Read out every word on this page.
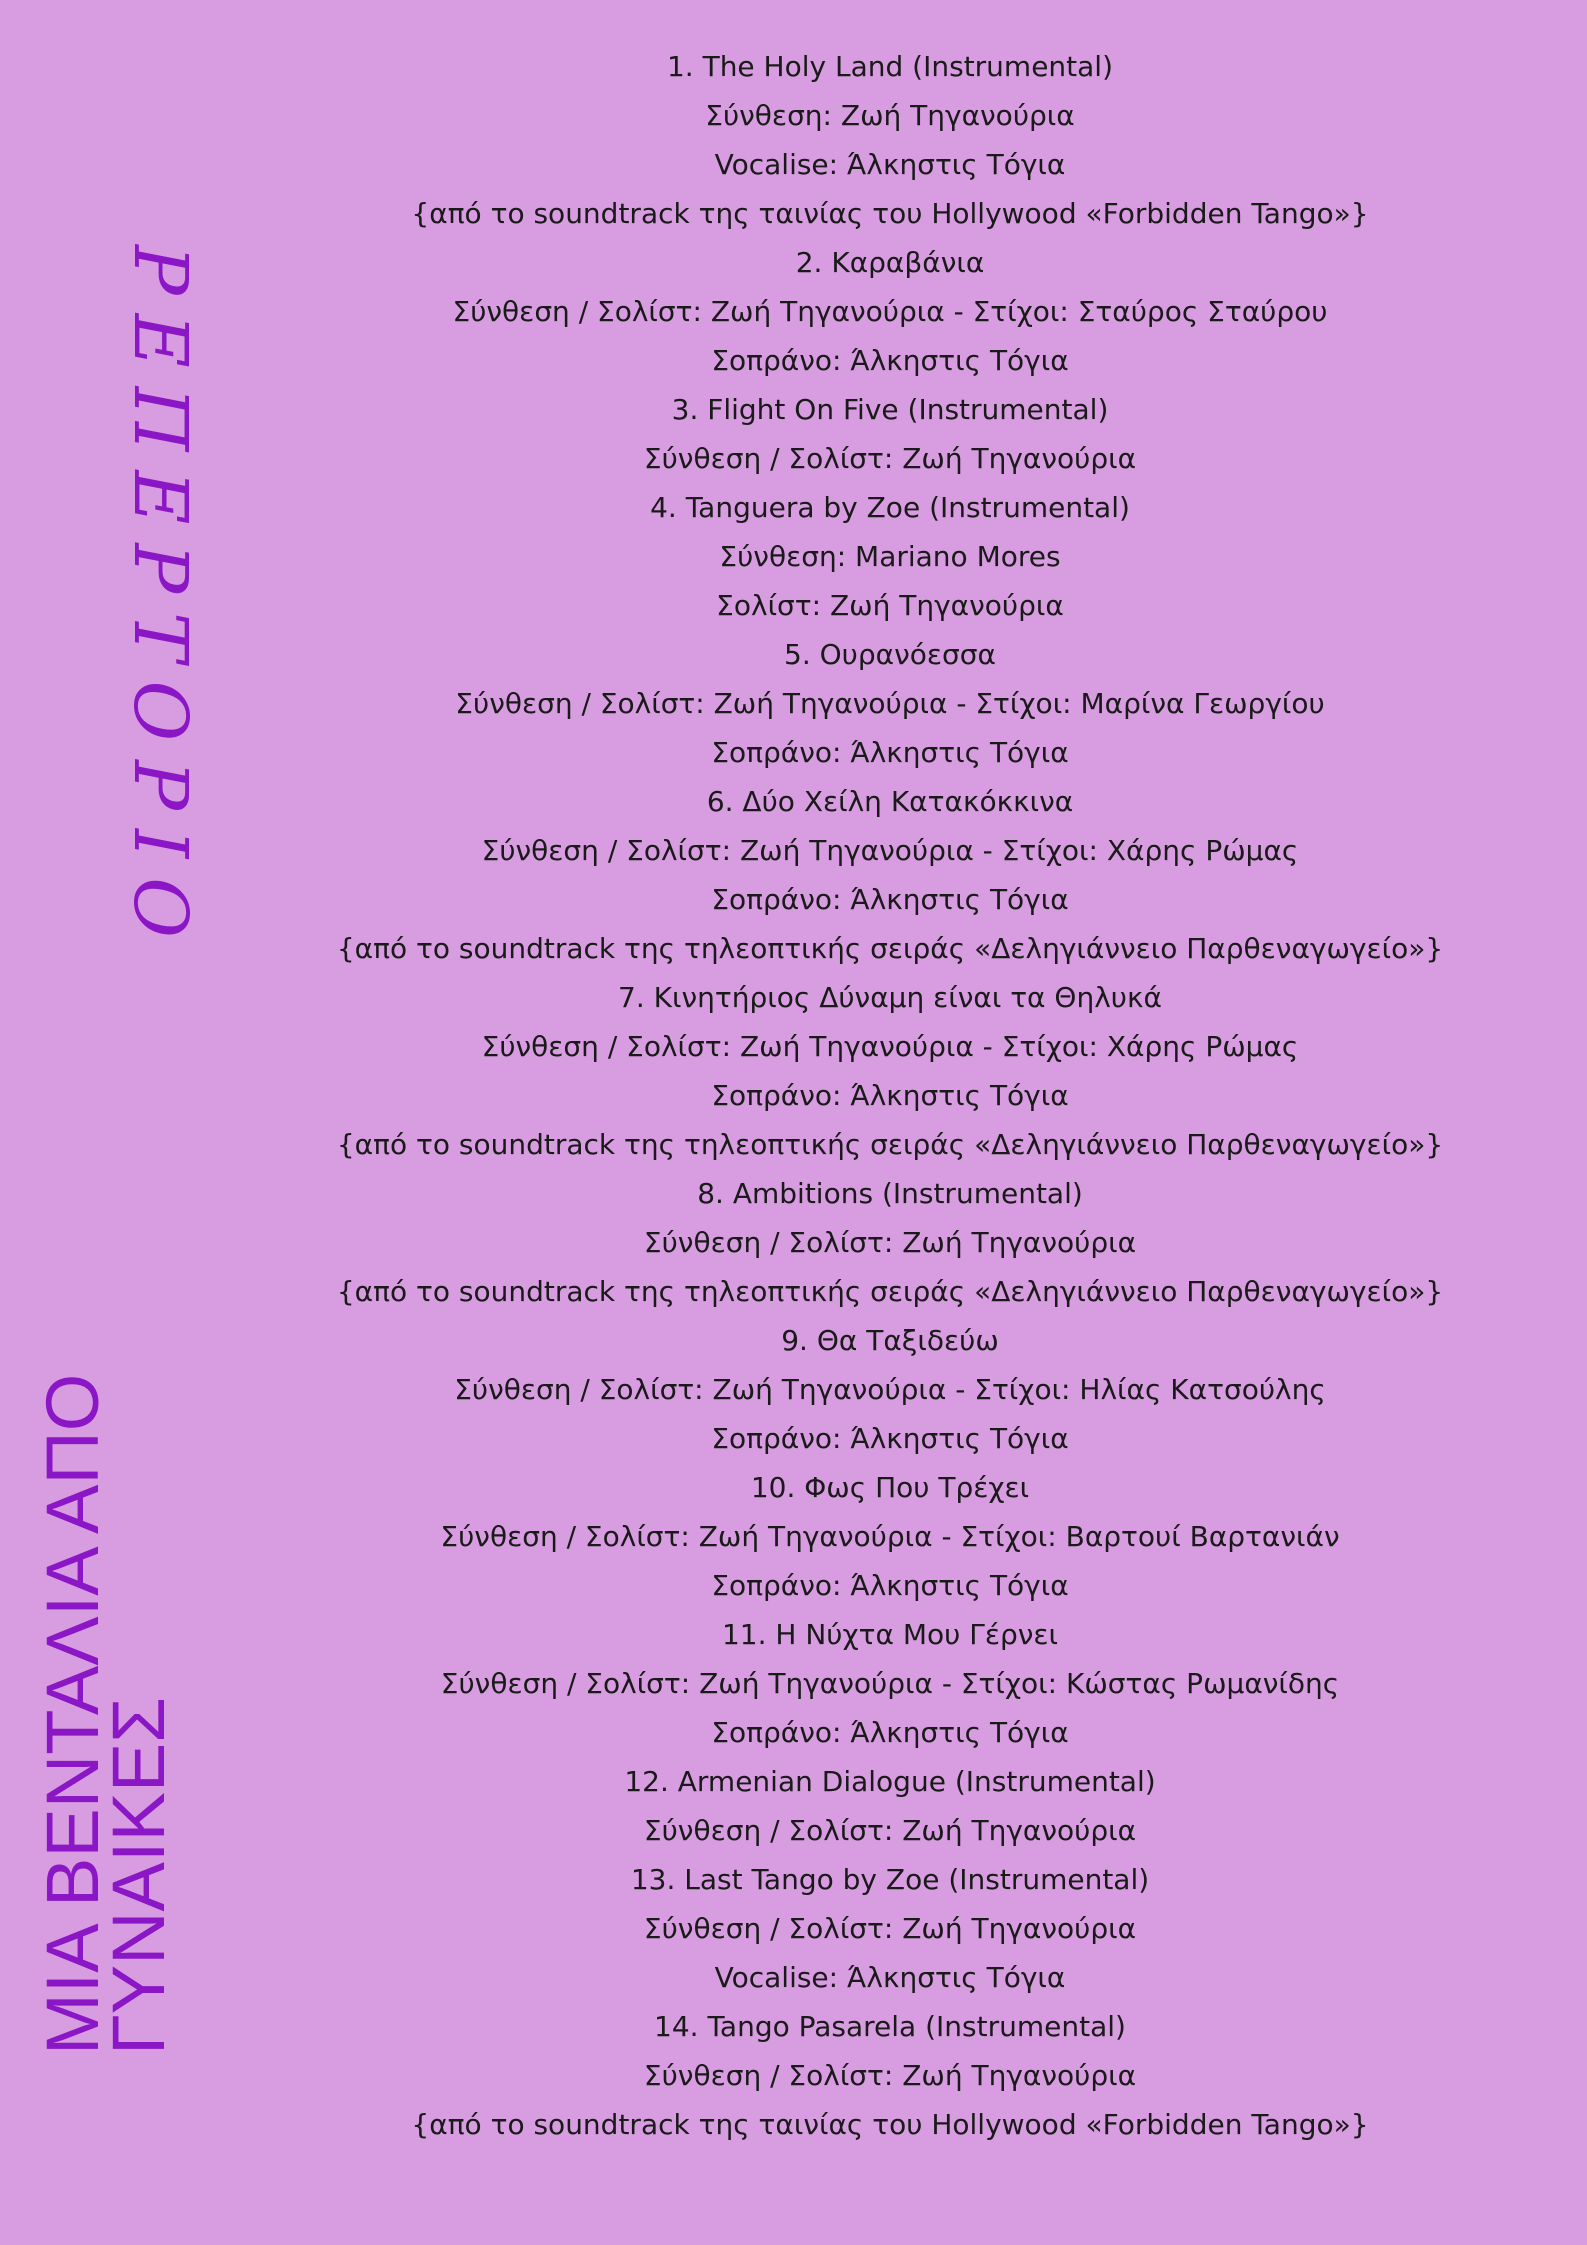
ΡΕΠΕΡΤΟΡΙΟ
ΜΙΑ ΒΕΝΤΑΛΙΑ ΑΠΟ
ΓΥΝΑΙΚΕΣ
1. The Holy Land (Instrumental)
Σύνθεση: Ζωή Τηγανούρια
Vocalise: Άλκηστις Τόγια
{από το soundtrack της ταινίας του Hollywood «Forbidden Tango»}
2. Καραβάνια
Σύνθεση / Σολίστ: Ζωή Τηγανούρια - Στίχοι: Σταύρος Σταύρου
Σοπράνο: Άλκηστις Τόγια
3. Flight On Five (Instrumental)
Σύνθεση / Σολίστ: Ζωή Τηγανούρια
4. Tanguera by Zoe (Instrumental)
Σύνθεση: Mariano Mores
Σολίστ: Ζωή Τηγανούρια
5. Ουρανόεσσα
Σύνθεση / Σολίστ: Ζωή Τηγανούρια - Στίχοι: Μαρίνα Γεωργίου
Σοπράνο: Άλκηστις Τόγια
6. Δύο Χείλη Κατακόκκινα
Σύνθεση / Σολίστ: Ζωή Τηγανούρια - Στίχοι: Χάρης Ρώμας
Σοπράνο: Άλκηστις Τόγια
{από το soundtrack της τηλεοπτικής σειράς «Δεληγιάννειο Παρθεναγωγείο»}
7. Κινητήριος Δύναμη είναι τα Θηλυκά
Σύνθεση / Σολίστ: Ζωή Τηγανούρια - Στίχοι: Χάρης Ρώμας
Σοπράνο: Άλκηστις Τόγια
{από το soundtrack της τηλεοπτικής σειράς «Δεληγιάννειο Παρθεναγωγείο»}
8. Ambitions (Instrumental)
Σύνθεση / Σολίστ: Ζωή Τηγανούρια
{από το soundtrack της τηλεοπτικής σειράς «Δεληγιάννειο Παρθεναγωγείο»}
9. Θα Ταξιδεύω
Σύνθεση / Σολίστ: Ζωή Τηγανούρια - Στίχοι: Ηλίας Κατσούλης
Σοπράνο: Άλκηστις Τόγια
10. Φως Που Τρέχει
Σύνθεση / Σολίστ: Ζωή Τηγανούρια - Στίχοι: Βαρτουί Βαρτανιάν
Σοπράνο: Άλκηστις Τόγια
11. Η Νύχτα Μου Γέρνει
Σύνθεση / Σολίστ: Ζωή Τηγανούρια - Στίχοι: Κώστας Ρωμανίδης
Σοπράνο: Άλκηστις Τόγια
12. Armenian Dialogue (Instrumental)
Σύνθεση / Σολίστ: Ζωή Τηγανούρια
13. Last Tango by Zoe (Instrumental)
Σύνθεση / Σολίστ: Ζωή Τηγανούρια
Vocalise: Άλκηστις Τόγια
14. Tango Pasarela (Instrumental)
Σύνθεση / Σολίστ: Ζωή Τηγανούρια
{από το soundtrack της ταινίας του Hollywood «Forbidden Tango»}
